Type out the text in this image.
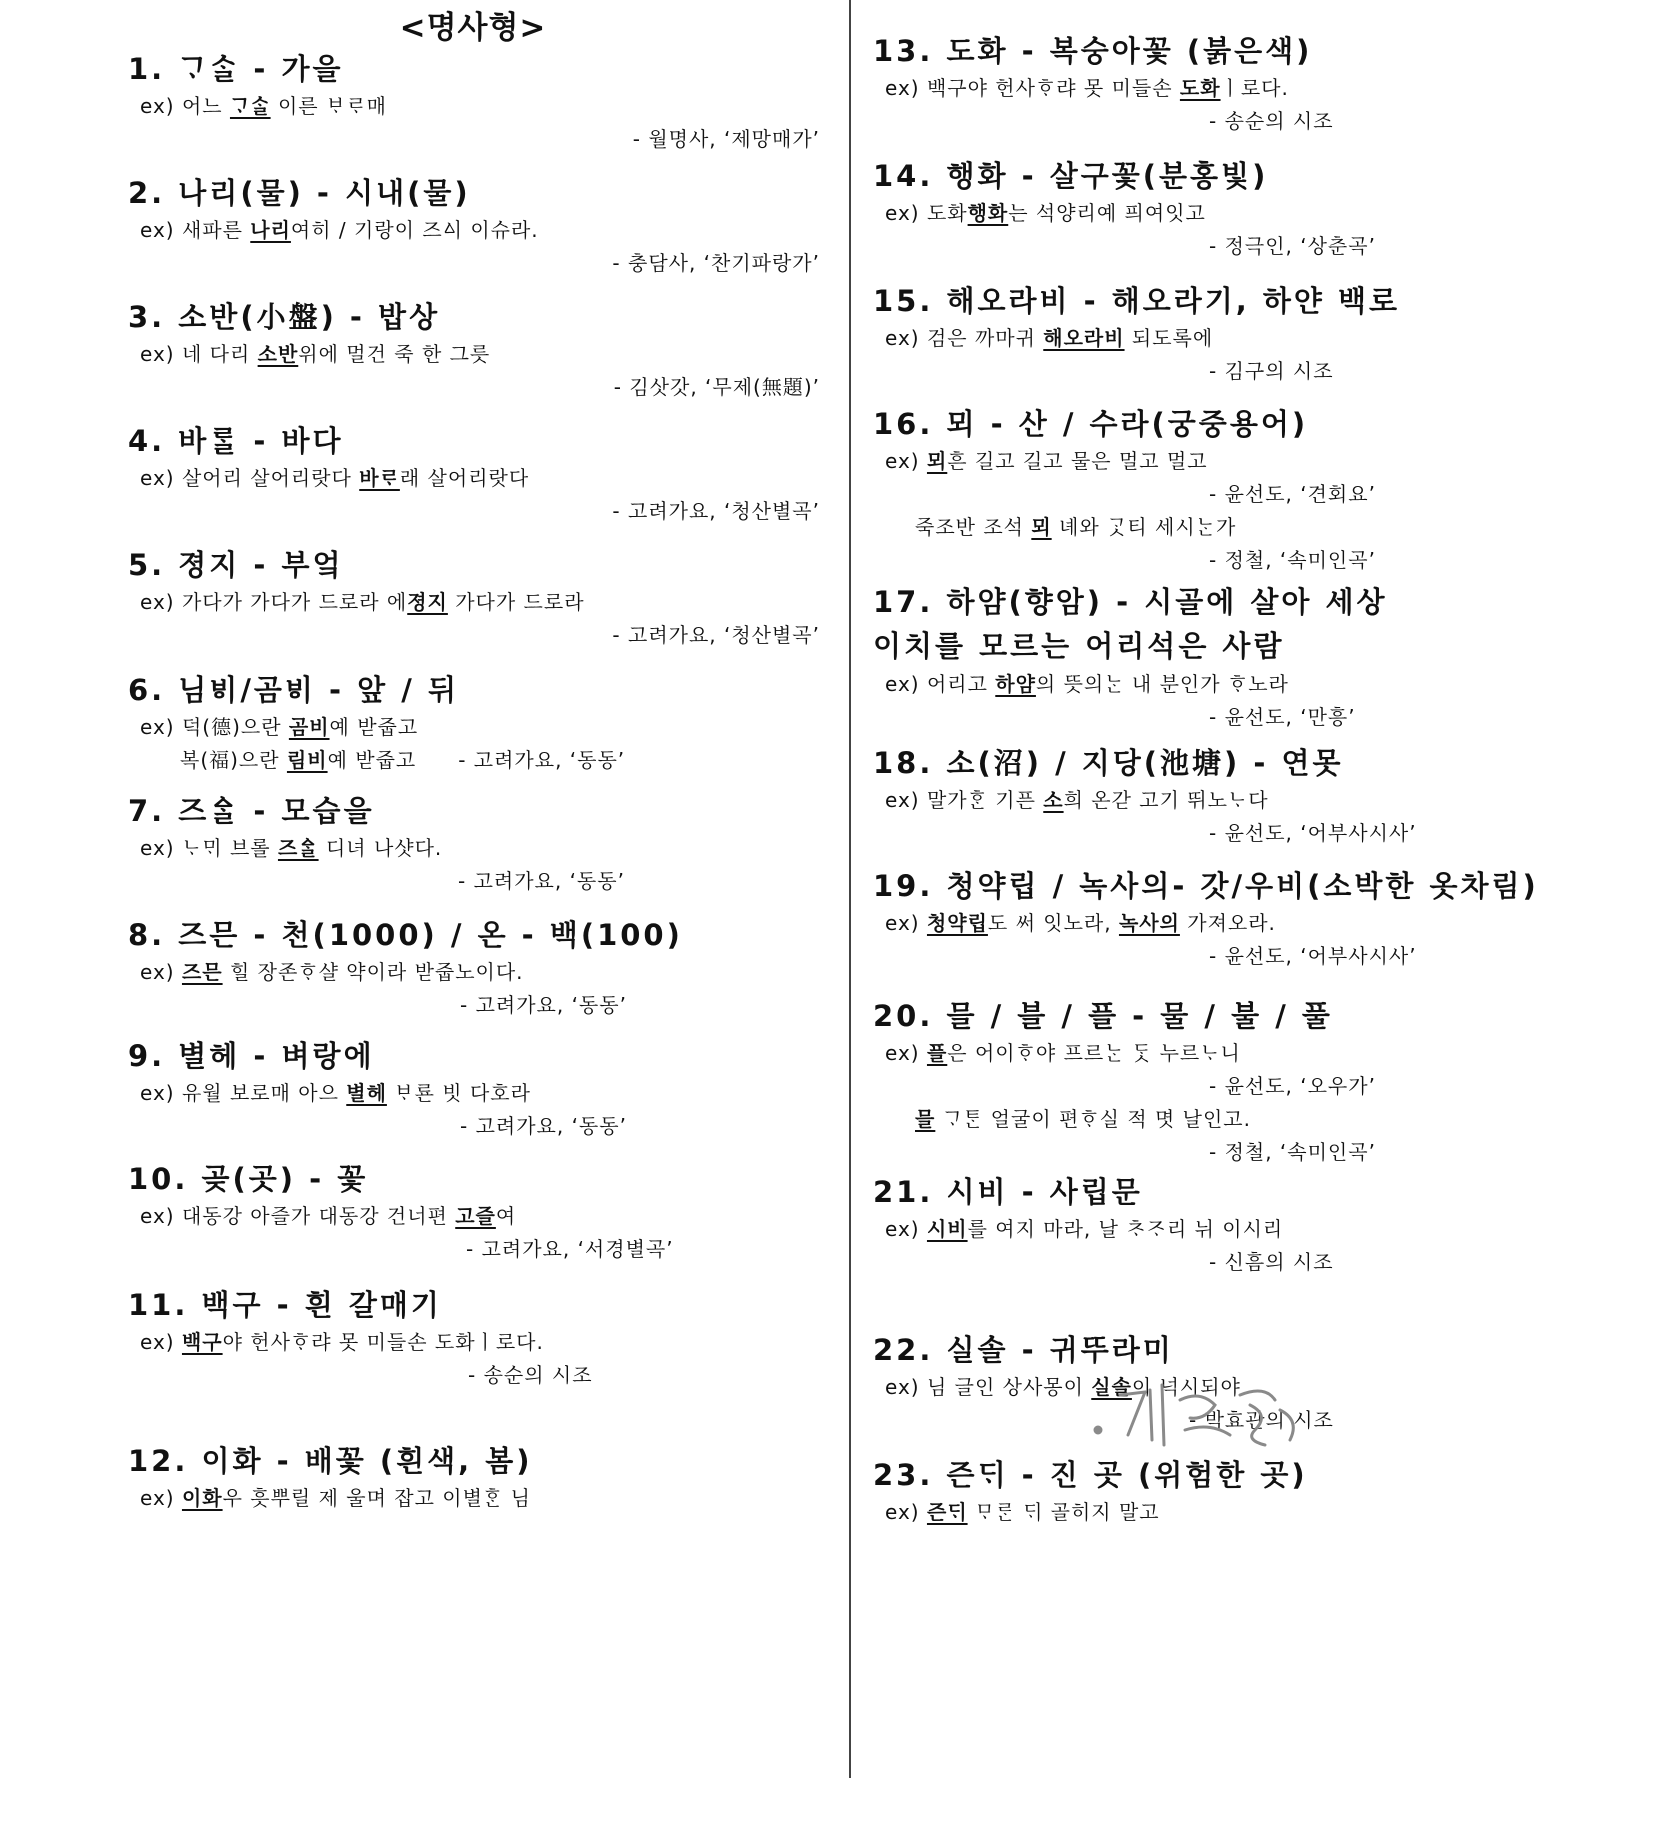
<명사형>
1. ᄀᆞᄉᆞᆯ - 가을
ex) 어느 ᄀᆞᄉᆞᆯ 이른 ᄇᆞᄅᆞ매
- 월명사, ‘제망매가’
2. 나리(물) - 시내(물)
ex) 새파른 나리여히 / 기랑이 즈ᅀᅵ 이슈라.
- 충담사, ‘찬기파랑가’
3. 소반(小盤) - 밥상
ex) 네 다리 소반위에 멀건 죽 한 그릇
- 김삿갓, ‘무제(無題)’
4. 바ᄅᆞᆯ - 바다
ex) 살어리 살어리랏다 바ᄅᆞ래 살어리랏다
- 고려가요, ‘청산별곡’
5. 졍지 - 부엌
ex) 가다가 가다가 드로라 에졍지 가다가 드로라
- 고려가요, ‘청산별곡’
6. 님ᄫᅵ/곰ᄫᅵ - 앞 / 뒤
ex) 덕(德)으란 곰비예 받줍고
복(福)으란 림비예 받줍고 - 고려가요, ‘동동’
7. 즈ᅀᆞᆯ - 모습을
ex) ᄂᆞᄆᆡ 브롤 즈ᅀᆞᆯ 디녀 나샷다.
- 고려가요, ‘동동’
8. 즈믄 - 천(1000) / 온 - 백(100)
ex) 즈믄 힐 장존ᄒᆞ샬 약이라 받줍노이다.
- 고려가요, ‘동동’
9. 별헤 - 벼랑에
ex) 유월 보로매 아으 별헤 ᄇᆞ룐 빗 다호라
- 고려가요, ‘동동’
10. 곶(곳) - 꽃
ex) 대동강 아즐가 대동강 건너편 고즐여
- 고려가요, ‘서경별곡’
11. 백구 - 흰 갈매기
ex) 백구야 헌사ᄒᆞ랴 못 미들손 도화ㅣ로다.
- 송순의 시조
12. 이화 - 배꽃 (흰색, 봄)
ex) 이화우 흣뿌릴 제 울며 잡고 이별ᄒᆞᆫ 님
13. 도화 - 복숭아꽃 (붉은색)
ex) 백구야 헌사ᄒᆞ랴 못 미들손 도화ㅣ로다.
- 송순의 시조
14. 행화 - 살구꽃(분홍빛)
ex) 도화행화는 석양리예 픠여잇고
- 정극인, ‘상춘곡’
15. 해오라비 - 해오라기, 하얀 백로
ex) 검은 까마귀 해오라비 되도록에
- 김구의 시조
16. 뫼 - 산 / 수라(궁중용어)
ex) 뫼흔 길고 길고 물은 멀고 멀고
- 윤선도, ‘견회요’
죽조반 조석 뫼 녜와 ᄀᆞᆺ티 세시ᄂᆞᆫ가
- 정철, ‘속미인곡’
17. 하얌(향암) - 시골에 살아 세상 이치를 모르는 어리석은 사람
ex) 어리고 하얌의 뜻의ᄂᆞᆫ 내 분인가 ᄒᆞ노라
- 윤선도, ‘만흥’
18. 소(沼) / 지당(池塘) - 연못
ex) 말가ᄒᆞᆫ 기픈 소희 온갇 고기 뛰노ᄂᆞ다
- 윤선도, ‘어부사시사’
19. 청약립 / 녹사의- 갓/우비(소박한 옷차림)
ex) 청약립도 써 잇노라, 녹사의 가져오라.
- 윤선도, ‘어부사시사’
20. 믈 / 블 / 플 - 물 / 불 / 풀
ex) 플은 어이ᄒᆞ야 프르ᄂᆞᆫ ᄃᆞᆺ 누르ᄂᆞ니
- 윤선도, ‘오우가’
믈 ᄀᆞᄐᆞᆫ 얼굴이 편ᄒᆞ실 적 몃 날인고.
- 정철, ‘속미인곡’
21. 시비 - 사립문
ex) 시비를 여지 마라, 날 ᄎᆞᄌᆞ리 뉘 이시리
- 신흠의 시조
22. 실솔 - 귀뚜라미
ex) 님 글인 상사몽이 실솔이 넉시되야
- 박효관의 시조
23. 즌ᄃᆡ - 진 곳 (위험한 곳)
ex) 즌ᄃᆡ ᄆᆞᄅᆞᆫ ᄃᆡ 골히지 말고
